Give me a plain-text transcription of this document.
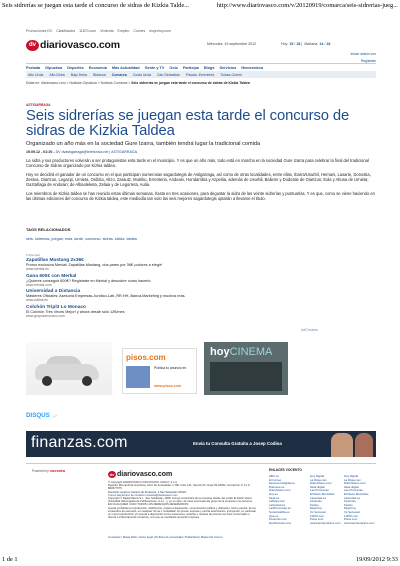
Seis sidrerías se juegan esta tarde el concurso de sidras de Kizkia Talde...	http://www.diariovasco.com/v/20120919/comarca/seis-sidrerias-jueg...
Promociones DV Clasificados 11870.com Vivienda Empleo Coches mujerhoy.com
dv diariovasco.com	Miércoles, 19 septiembre 2012	Hoy 15 / 18 |  Mañana 14 / 18
Iniciar sesión con
Registrate
Portada Gipuzkoa Deportes Economía Más Actualidad Gente y TV Ocio Participa Blogs Servicios Hemeroteca
Alto Urola Alto Deba Bajo Deba Bidasoa Comarca Costa Urola San Sebastián Pasaia -Errenteria Tolosa-Goierri
Estás en: diariovasco.com > Noticias Gipuzkoa > Noticias Comarca > Seis sidrerías se juegan esta tarde el concurso de sidras de Kizkia Taldea
ASTIGARRAGA
Seis sidrerías se juegan esta tarde el concurso de sidras de Kizkia Taldea
Organizado un año más en la sociedad Gure Izarra, también tendrá lugar la tradicional comida
19.09.12 - 01:20 - DV dvastigarraga@telefonica.net | ASTIGARRAGA.

La sidra y sus productores volverán a ser protagonistas esta tarde en el municipio. Y es que un año más, todo está en marcha en la sociedad Gure Izarra para celebrar la final del tradicional Concurso de Sidras organizado por Kizkia taldea.

Hoy se decidirá el ganador de un concurso en el que participan numerosas sagardotegis de Astigarraga, así como de otras localidades, entre ellas, Ibarra/Usurbil, Hernani, Lasarte, Donostia, Zestoa, Oiartzun, Legazpi, Urnieta, Ordizia, Altzo, Zarautz, Mutriku, Errenteria, Andoain, Hondarribia y Azpeitia, además de Usurbil, Balieiro y Dodostie de Oiartzun; Eula y Altuna de Urnieta; Gaztañaga de Andoain; de Albaoleketa, Zelaia y de Legorreta, Aulia.

Los miembros de Kizkia taldea se han reunido estas últimas semanas, hasta en tres ocasiones, para degustar la sidra de las veinte sidrerías y puntuarlas. Y es que, como se viene haciendo en las últimas ediciones del concurso de Kizkia taldea, este mediodía tan solo las seis mejores sagardotegis optarán a llevarse el título.

TAGS RELACIONADOS
seis, sidrerías, juegan, esta, tarde, concurso, sidras, kizkia, taldea
Publicidad
Zapatillas Mustang 2x36€
Promo exclusiva Merkal: Zapatillas Mustang, dos pares por 36€ ¡colores a elegir!
www.merkal.es
Gana 600€ con Merkal
¿Quieres conseguir 600€? Regístrate en Merkal y descubre cómo hacerlo
www.merkal.com
Universidad a Distancia
Másteres Oficiales: Asesoría Empresas,Jurídico-Lab.,RR.HH.,Banca,Marketing y muchos más.
www.udima.es
Colchón Tripl3 Lo Monaco
El Colchón Tres Veces Mejor! y ahora desde sólo 12€/mes
www.grupolomonaco.com
AdChoices
pisos.com
Publica tu anuncio en
www.pisos.com
hoyCINEMA
DISQUS ¿?
finanzas.com	Envía tu Consulta Gratuita a Josep Codina
Powered by vocento
dv diariovasco.com
© Copyright DIARIOVASCO.COM DIGITAL VASCA, S.L.U.
Registro Mercantil de Gipuzkoa, Libro de Sociedades 1.786, Folio 141, Sección 8ª, Hoja SS-18092, Inscripción 1ª C.I.F.: B20677675
Domicilio social en Camino de Portuetxe, 2 San Sebastián 20018
Correo electrónico de contacto contacta@diariovasco.com
Copyright © Digital Vasca S.L., San Sebastián, 2008. Incluye contenidos de la empresa citada, del medio El Diario Vasco (Sociedad Vascongada de Publicaciones, S.A.) , y, en su caso, de otras empresas del grupo de la empresa o de terceros.
EN CUALQUIER CASO TODOS LOS DERECHOS RESERVADOS:
Queda prohibida la reproducción, distribución, puesta a disposición, comunicación pública y utilización, total o parcial, de los contenidos de esta web, en cualquier forma o modalidad, sin previa, expresa y escrita autorización, incluyendo, en particular, su mera reproducción y/o puesta a disposición como resúmenes, reseñas o revistas de prensa con fines comerciales o directa o indirectamente lucrativos, a la que se manifiesta oposición expresa.
ENLACES VOCENTO
ABC.es
El Correo
Elcomerciodigital.es
Diariosur.es
DiarioVasco.com
Hoy.es
Ideal.es
LaRioja.com
LaVerdad.es
LasProvincias.es
NorteCastilla.es
Qué.es
Finanzas.com
Dexfinanzas.com
Hoy Digital
La Rioja.com
DiarioVasco.com
Ideal digital
Las Provincias
El Diario Montañés
Laverdad.es
Finanzas
Kiosko
Mujerhoy
XL Semanal
11870.com
Pisos.com
Avancaninteractivo.com
Hoy Digital
La Rioja.com
DiarioVasco.com
Ideal digital
Las Provincias
El Diario Montañés
Laverdad.es
Finanzas
Kiosko
Mujerhoy
XL Semanal
11870.com
Pisos.com
Avanzaninteractivo.com
Contactar | Mapa Web | Aviso legal | Política de privacidad | Publicidad | Master El Correo
1 de 1	19/09/2012 9:33
